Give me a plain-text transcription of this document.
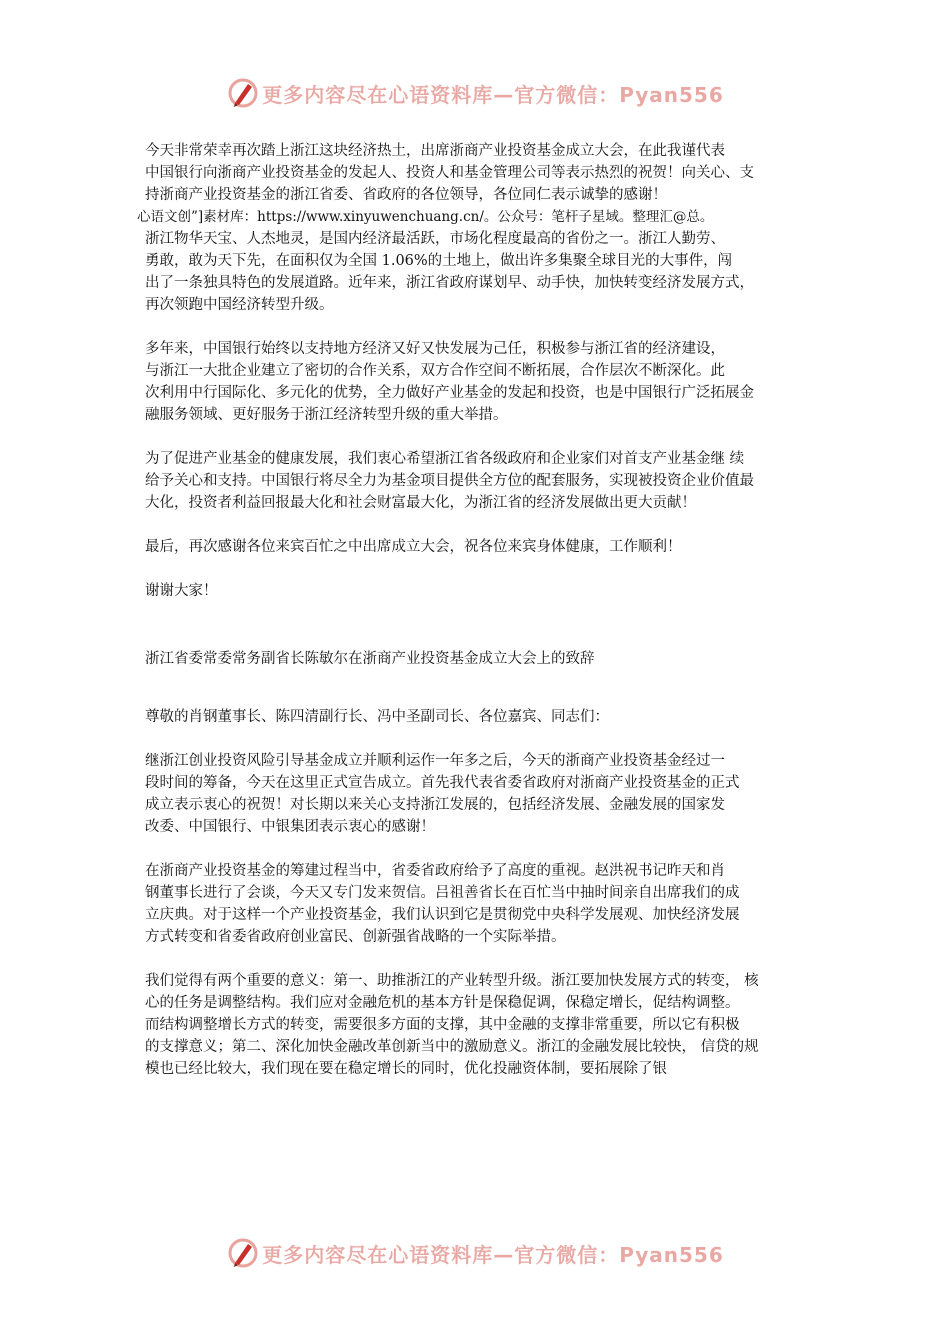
更多内容尽在心语资料库—官方微信：Pyan556
今天非常荣幸再次踏上浙江这块经济热土，出席浙商产业投资基金成立大会，在此我谨代表
中国银行向浙商产业投资基金的发起人、投资人和基金管理公司等表示热烈的祝贺！向关心、支
持浙商产业投资基金的浙江省委、省政府的各位领导，各位同仁表示诚挚的感谢！
心语文创”]素材库：https://www.xinyuwenchuang.cn/。公众号：笔杆子星域。整理汇@总。
浙江物华天宝、人杰地灵，是国内经济最活跃，市场化程度最高的省份之一。浙江人勤劳、
勇敢，敢为天下先，在面积仅为全国 1.06%的土地上，做出许多集聚全球目光的大事件，闯
出了一条独具特色的发展道路。近年来，浙江省政府谋划早、动手快，加快转变经济发展方式，
再次领跑中国经济转型升级。
多年来，中国银行始终以支持地方经济又好又快发展为己任，积极参与浙江省的经济建设，
与浙江一大批企业建立了密切的合作关系，双方合作空间不断拓展，合作层次不断深化。此
次利用中行国际化、多元化的优势，全力做好产业基金的发起和投资，也是中国银行广泛拓展金
融服务领域、更好服务于浙江经济转型升级的重大举措。
为了促进产业基金的健康发展，我们衷心希望浙江省各级政府和企业家们对首支产业基金继 续
给予关心和支持。中国银行将尽全力为基金项目提供全方位的配套服务，实现被投资企业价值最
大化，投资者利益回报最大化和社会财富最大化，为浙江省的经济发展做出更大贡献！
最后，再次感谢各位来宾百忙之中出席成立大会，祝各位来宾身体健康，工作顺利！
谢谢大家！
浙江省委常委常务副省长陈敏尔在浙商产业投资基金成立大会上的致辞
尊敬的肖钢董事长、陈四清副行长、冯中圣副司长、各位嘉宾、同志们：
继浙江创业投资风险引导基金成立并顺利运作一年多之后，今天的浙商产业投资基金经过一
段时间的筹备，今天在这里正式宣告成立。首先我代表省委省政府对浙商产业投资基金的正式
成立表示衷心的祝贺！对长期以来关心支持浙江发展的，包括经济发展、金融发展的国家发
改委、中国银行、中银集团表示衷心的感谢！
在浙商产业投资基金的筹建过程当中，省委省政府给予了高度的重视。赵洪祝书记昨天和肖
钢董事长进行了会谈，今天又专门发来贺信。吕祖善省长在百忙当中抽时间亲自出席我们的成
立庆典。对于这样一个产业投资基金，我们认识到它是贯彻党中央科学发展观、加快经济发展
方式转变和省委省政府创业富民、创新强省战略的一个实际举措。
我们觉得有两个重要的意义：第一、助推浙江的产业转型升级。浙江要加快发展方式的转变， 核
心的任务是调整结构。我们应对金融危机的基本方针是保稳促调，保稳定增长，促结构调整。
而结构调整增长方式的转变，需要很多方面的支撑，其中金融的支撑非常重要，所以它有积极
的支撑意义；第二、深化加快金融改革创新当中的激励意义。浙江的金融发展比较快， 信贷的规
模也已经比较大，我们现在要在稳定增长的同时，优化投融资体制，要拓展除了银
更多内容尽在心语资料库—官方微信：Pyan556
